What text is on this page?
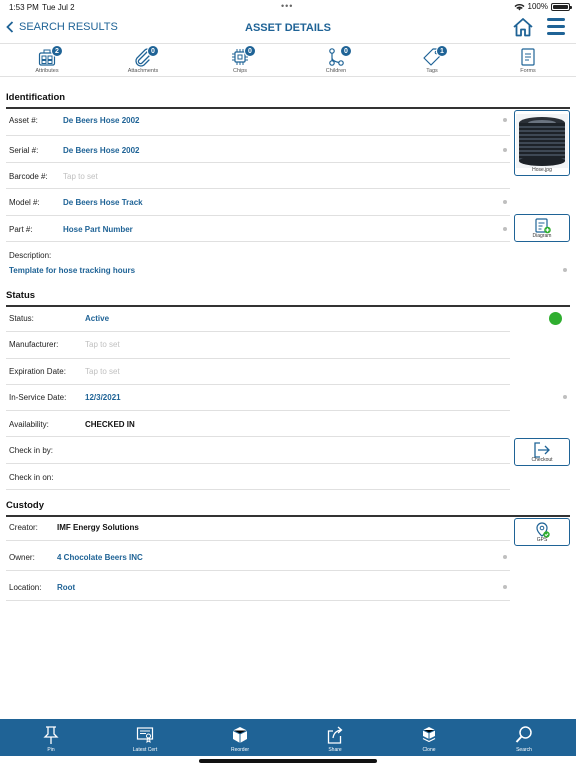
1:53 PM Tue Jul 2	•••	100%
SEARCH RESULTS	ASSET DETAILS
2
Attributes
0
Attachments
0
Chips
0
Children
1
Tags	Forms
Identification
Asset #:	De Beers Hose 2002
Serial #:	De Beers Hose 2002
Barcode #: Tap to set
Model #:	De Beers Hose Track
Part #:	Hose Part Number
Description:
Template for hose tracking hours
Hose.jpg
Diagram
Status
Status:	Active
Manufacturer:	Tap to set
Expiration Date: Tap to set
In-Service Date: 12/3/2021
Availability:	CHECKED IN
Check in by:
Check in on:
Checkout
Custody
Creator: IMF Energy Solutions
Owner:	4 Chocolate Beers INC
Location: Root
GPS
Pin	Latest Cert	Reorder	Share	Clone	Search
